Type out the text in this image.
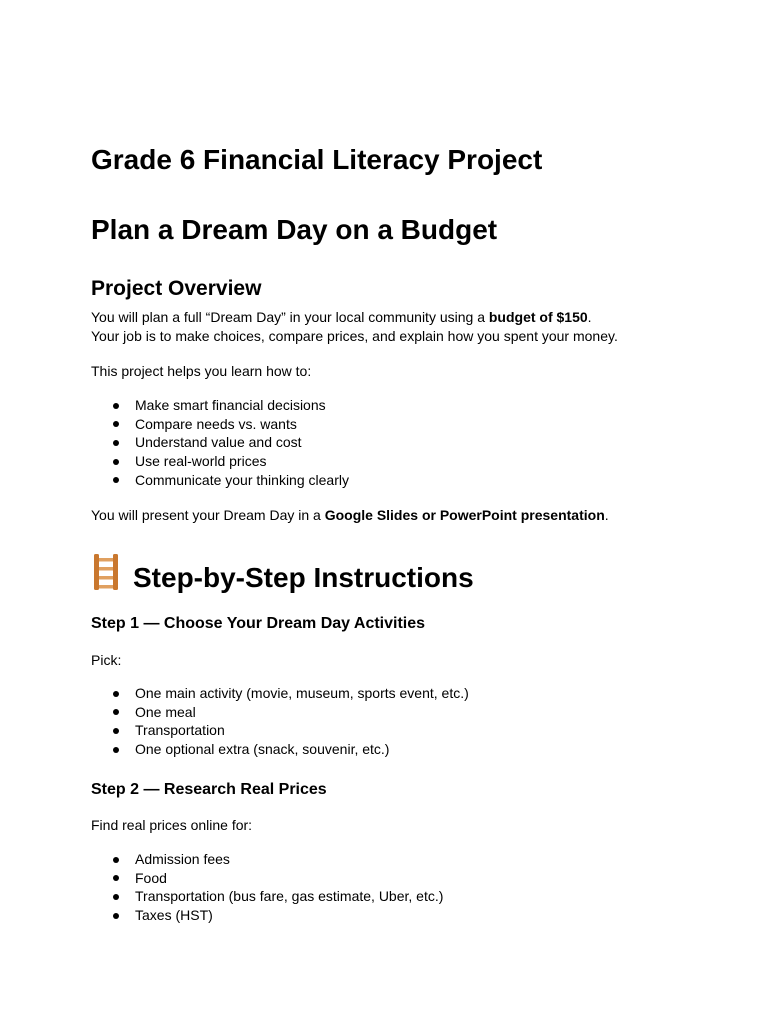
Grade 6 Financial Literacy Project
Plan a Dream Day on a Budget
Project Overview

You will plan a full “Dream Day” in your local community using a budget of $150.

Your job is to make choices, compare prices, and explain how you spent your money.

This project helps you learn how to:

Make smart financial decisions
Compare needs vs. wants
Understand value and cost
Use real-world prices
Communicate your thinking clearly

You will present your Dream Day in a Google Slides or PowerPoint presentation.

Step-by-Step Instructions
Step 1 — Choose Your Dream Day Activities

Pick:

One main activity (movie, museum, sports event, etc.)
One meal
Transportation
One optional extra (snack, souvenir, etc.)
Step 2 — Research Real Prices

Find real prices online for:

Admission fees
Food
Transportation (bus fare, gas estimate, Uber, etc.)
Taxes (HST)
